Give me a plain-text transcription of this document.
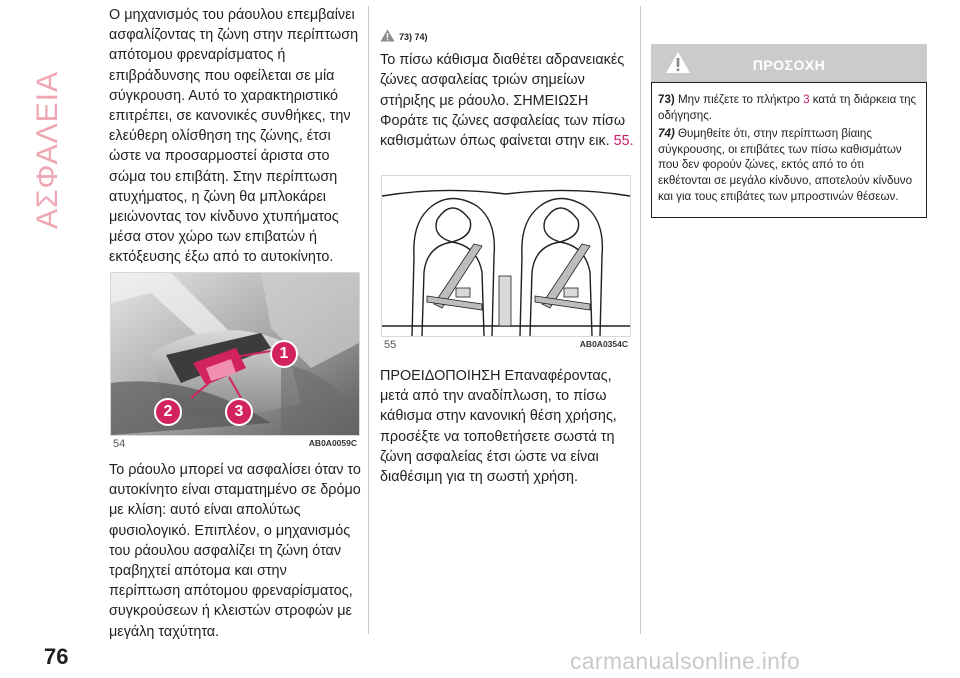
ΑΣΦΑΛΕΙΑ

Ο μηχανισμός του ράουλου επεμβαίνει ασφαλίζοντας τη ζώνη στην περίπτωση απότομου φρεναρίσματος ή επιβράδυνσης που οφείλεται σε μία σύγκρουση. Αυτό το χαρακτηριστικό επιτρέπει, σε κανονικές συνθήκες, την ελεύθερη ολίσθηση της ζώνης, έτσι ώστε να προσαρμοστεί άριστα στο σώμα του επιβάτη. Στην περίπτωση ατυχήματος, η ζώνη θα μπλοκάρει μειώνοντας τον κίνδυνο χτυπήματος μέσα στον χώρο των επιβατών ή εκτόξευσης έξω από το αυτοκίνητο.

54	AB0A0059C
1
2	3

Το ράουλο μπορεί να ασφαλίσει όταν το αυτοκίνητο είναι σταματημένο σε δρόμο με κλίση: αυτό είναι απολύτως φυσιολογικό. Επιπλέον, ο μηχανισμός του ράουλου ασφαλίζει τη ζώνη όταν τραβηχτεί απότομα και στην περίπτωση απότομου φρεναρίσματος, συγκρούσεων ή κλειστών στροφών με μεγάλη ταχύτητα.

73) 74)

Το πίσω κάθισμα διαθέτει αδρανειακές ζώνες ασφαλείας τριών σημείων στήριξης με ράουλο. ΣΗΜΕΙΩΣΗ Φοράτε τις ζώνες ασφαλείας των πίσω καθισμάτων όπως φαίνεται στην εικ. 55.

55	AB0A0354C

ΠΡΟΕΙΔΟΠΟΙΗΣΗ Επαναφέροντας, μετά από την αναδίπλωση, το πίσω κάθισμα στην κανονική θέση χρήσης, προσέξτε να τοποθετήσετε σωστά τη ζώνη ασφαλείας έτσι ώστε να είναι διαθέσιμη για τη σωστή χρήση.

ΠΡΟΣΟΧΗ

73) Μην πιέζετε το πλήκτρο 3 κατά τη διάρκεια της οδήγησης.

74) Θυμηθείτε ότι, στην περίπτωση βίαιης σύγκρουσης, οι επιβάτες των πίσω καθισμάτων που δεν φορούν ζώνες, εκτός από το ότι εκθέτονται σε μεγάλο κίνδυνο, αποτελούν κίνδυνο και για τους επιβάτες των μπροστινών θέσεων.

76	carmanualsonline.info
